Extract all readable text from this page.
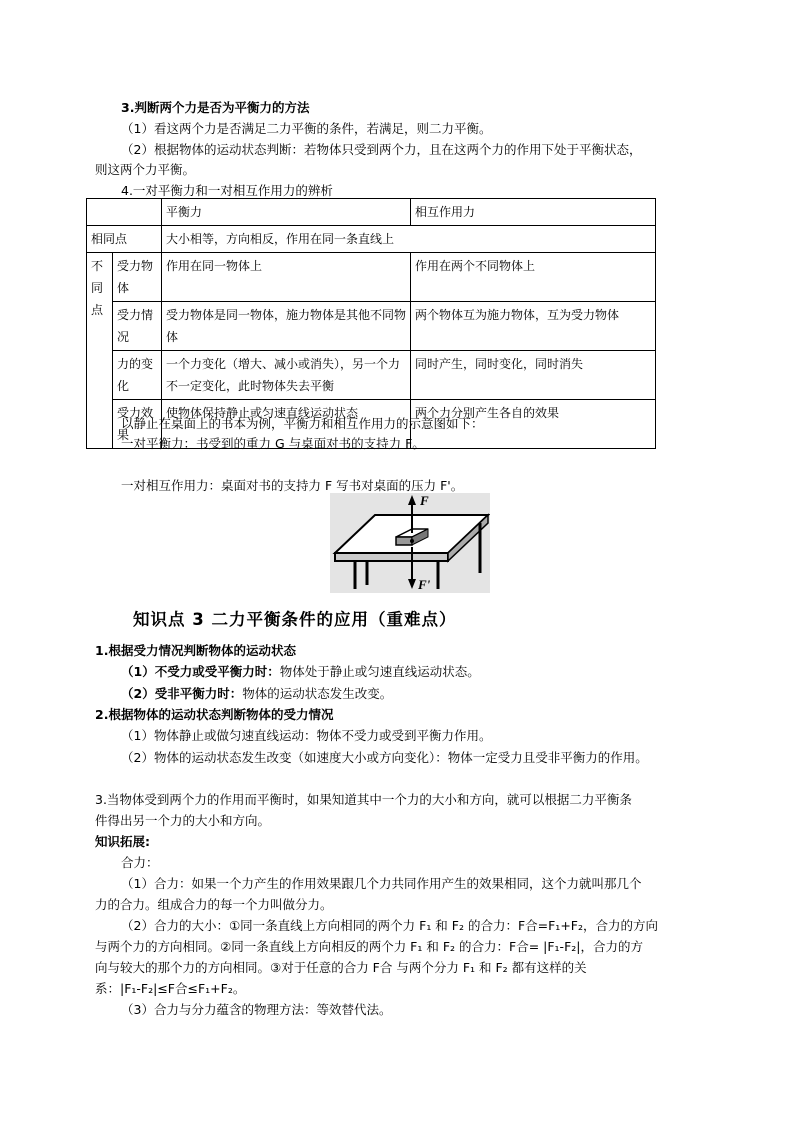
3.判断两个力是否为平衡力的方法
（1）看这两个力是否满足二力平衡的条件，若满足，则二力平衡。
（2）根据物体的运动状态判断：若物体只受到两个力，且在这两个力的作用下处于平衡状态，
则这两个力平衡。
4.一对平衡力和一对相互作用力的辨析
		平衡力	相互作用力
相同点		大小相等，方向相反，作用在同一条直线上	
不同点	受力物体	作用在同一物体上	作用在两个不同物体上
	受力情况	受力物体是同一物体，施力物体是其他不同物体	两个物体互为施力物体，互为受力物体
	力的变化	一个力变化（增大、减小或消失），另一个力不一定变化，此时物体失去平衡	同时产生，同时变化，同时消失
	受力效果	使物体保持静止或匀速直线运动状态	两个力分别产生各自的效果
以静止在桌面上的书本为例，平衡力和相互作用力的示意图如下：
一对平衡力：书受到的重力 G 与桌面对书的支持力 F。
一对相互作用力：桌面对书的支持力 F 写书对桌面的压力 F'。
F
F'
知识点 3 二力平衡条件的应用（重难点）
1.根据受力情况判断物体的运动状态
（1）不受力或受平衡力时：物体处于静止或匀速直线运动状态。
（2）受非平衡力时：物体的运动状态发生改变。
2.根据物体的运动状态判断物体的受力情况
（1）物体静止或做匀速直线运动：物体不受力或受到平衡力作用。
（2）物体的运动状态发生改变（如速度大小或方向变化）：物体一定受力且受非平衡力的作用。
3.当物体受到两个力的作用而平衡时，如果知道其中一个力的大小和方向，就可以根据二力平衡条
件得出另一个力的大小和方向。
知识拓展:
合力：
（1）合力：如果一个力产生的作用效果跟几个力共同作用产生的效果相同，这个力就叫那几个
力的合力。组成合力的每一个力叫做分力。
（2）合力的大小：①同一条直线上方向相同的两个力 F₁ 和 F₂ 的合力：F合=F₁+F₂，合力的方向
与两个力的方向相同。②同一条直线上方向相反的两个力 F₁ 和 F₂ 的合力：F合= |F₁-F₂|，合力的方
向与较大的那个力的方向相同。③对于任意的合力 F合 与两个分力 F₁ 和 F₂ 都有这样的关
系：|F₁-F₂|≤F合≤F₁+F₂。
（3）合力与分力蕴含的物理方法：等效替代法。
